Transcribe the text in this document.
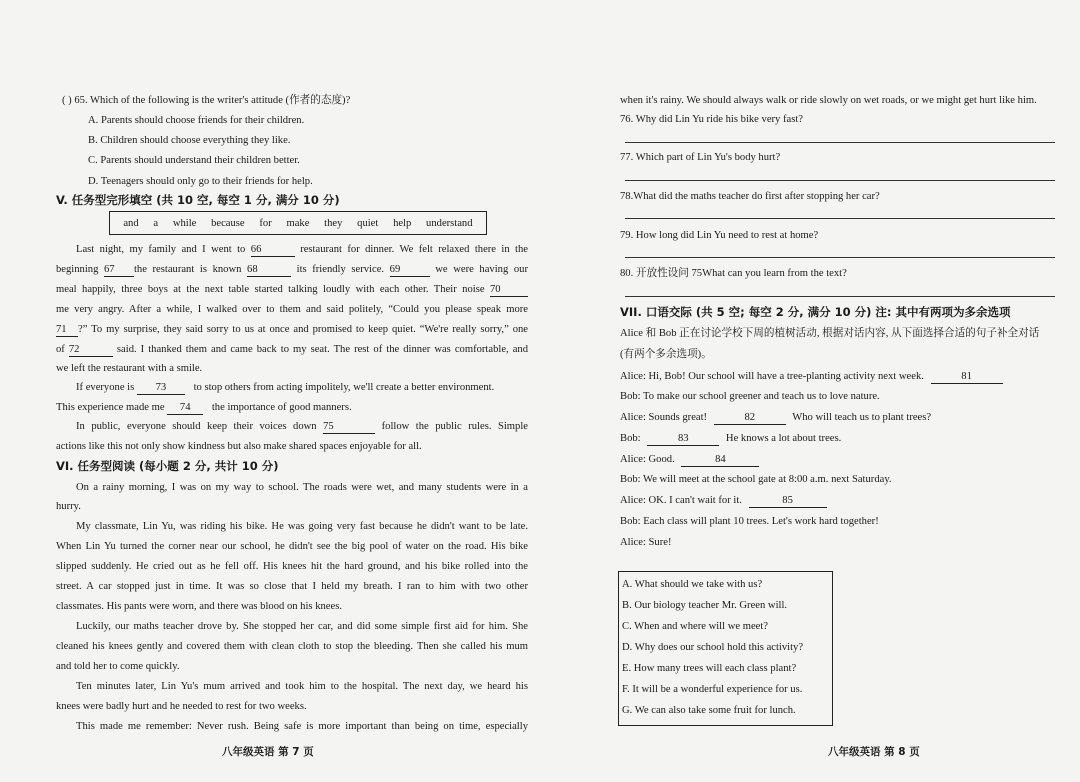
( ) 65. Which of the following is the writer's attitude (作者的态度)?
A. Parents should choose friends for their children.
B. Children should choose everything they like.
C. Parents should understand their children better.
D. Teenagers should only go to their friends for help.
V. 任务型完形填空 (共 10 空, 每空 1 分, 满分 10 分)
and a while because for make they quiet help understand
Last night, my family and I went to 66	restaurant for dinner. We felt relaxed there in the
beginning 67 the restaurant is known 68	its friendly service. 69	we were having our
meal happily, three boys at the next table started talking loudly with each other. Their noise 70
me very angry. After a while, I walked over to them and said politely, “Could you please speak more
71 ?” To my surprise, they said sorry to us at once and promised to keep quiet. “We're really sorry,” one
of 72	said. I thanked them and came back to my seat. The rest of the dinner was comfortable, and
we left the restaurant with a smile.
If everyone is 73	to stop others from acting impolitely, we'll create a better environment.
This experience made me 74 the importance of good manners.
In public, everyone should keep their voices down 75	follow the public rules. Simple
actions like this not only show kindness but also make shared spaces enjoyable for all.
VI. 任务型阅读 (每小题 2 分, 共计 10 分)
On a rainy morning, I was on my way to school. The roads were wet, and many students were in a
hurry.
My classmate, Lin Yu, was riding his bike. He was going very fast because he didn't want to be late.
When Lin Yu turned the corner near our school, he didn't see the big pool of water on the road. His bike
slipped suddenly. He cried out as he fell off. His knees hit the hard ground, and his bike rolled into the
street. A car stopped just in time. It was so close that I held my breath. I ran to him with two other
classmates. His pants were worn, and there was blood on his knees.
Luckily, our maths teacher drove by. She stopped her car, and did some simple first aid for him. She
cleaned his knees gently and covered them with clean cloth to stop the bleeding. Then she called his mum
and told her to come quickly.
Ten minutes later, Lin Yu's mum arrived and took him to the hospital. The next day, we heard his
knees were badly hurt and he needed to rest for two weeks.
This made me remember: Never rush. Being safe is more important than being on time, especially
八年级英语 第 7 页
when it's rainy. We should always walk or ride slowly on wet roads, or we might get hurt like him.
76. Why did Lin Yu ride his bike very fast?
77. Which part of Lin Yu's body hurt?
78.What did the maths teacher do first after stopping her car?
79. How long did Lin Yu need to rest at home?
80. 开放性设问 75What can you learn from the text?
VII. 口语交际 (共 5 空; 每空 2 分, 满分 10 分) 注: 其中有两项为多余选项
Alice 和 Bob 正在讨论学校下周的植树活动, 根据对话内容, 从下面选择合适的句子补全对话
(有两个多余选项)。
Alice: Hi, Bob! Our school will have a tree-planting activity next week.	81
Bob: To make our school greener and teach us to love nature.
Alice: Sounds great!	82	Who will teach us to plant trees?
Bob:	83	He knows a lot about trees.
Alice: Good.	84
Bob: We will meet at the school gate at 8:00 a.m. next Saturday.
Alice: OK. I can't wait for it.	85
Bob: Each class will plant 10 trees. Let's work hard together!
Alice: Sure!
A. What should we take with us?
B. Our biology teacher Mr. Green will.
C. When and where will we meet?
D. Why does our school hold this activity?
E. How many trees will each class plant?
F. It will be a wonderful experience for us.
G. We can also take some fruit for lunch.
八年级英语 第 8 页
